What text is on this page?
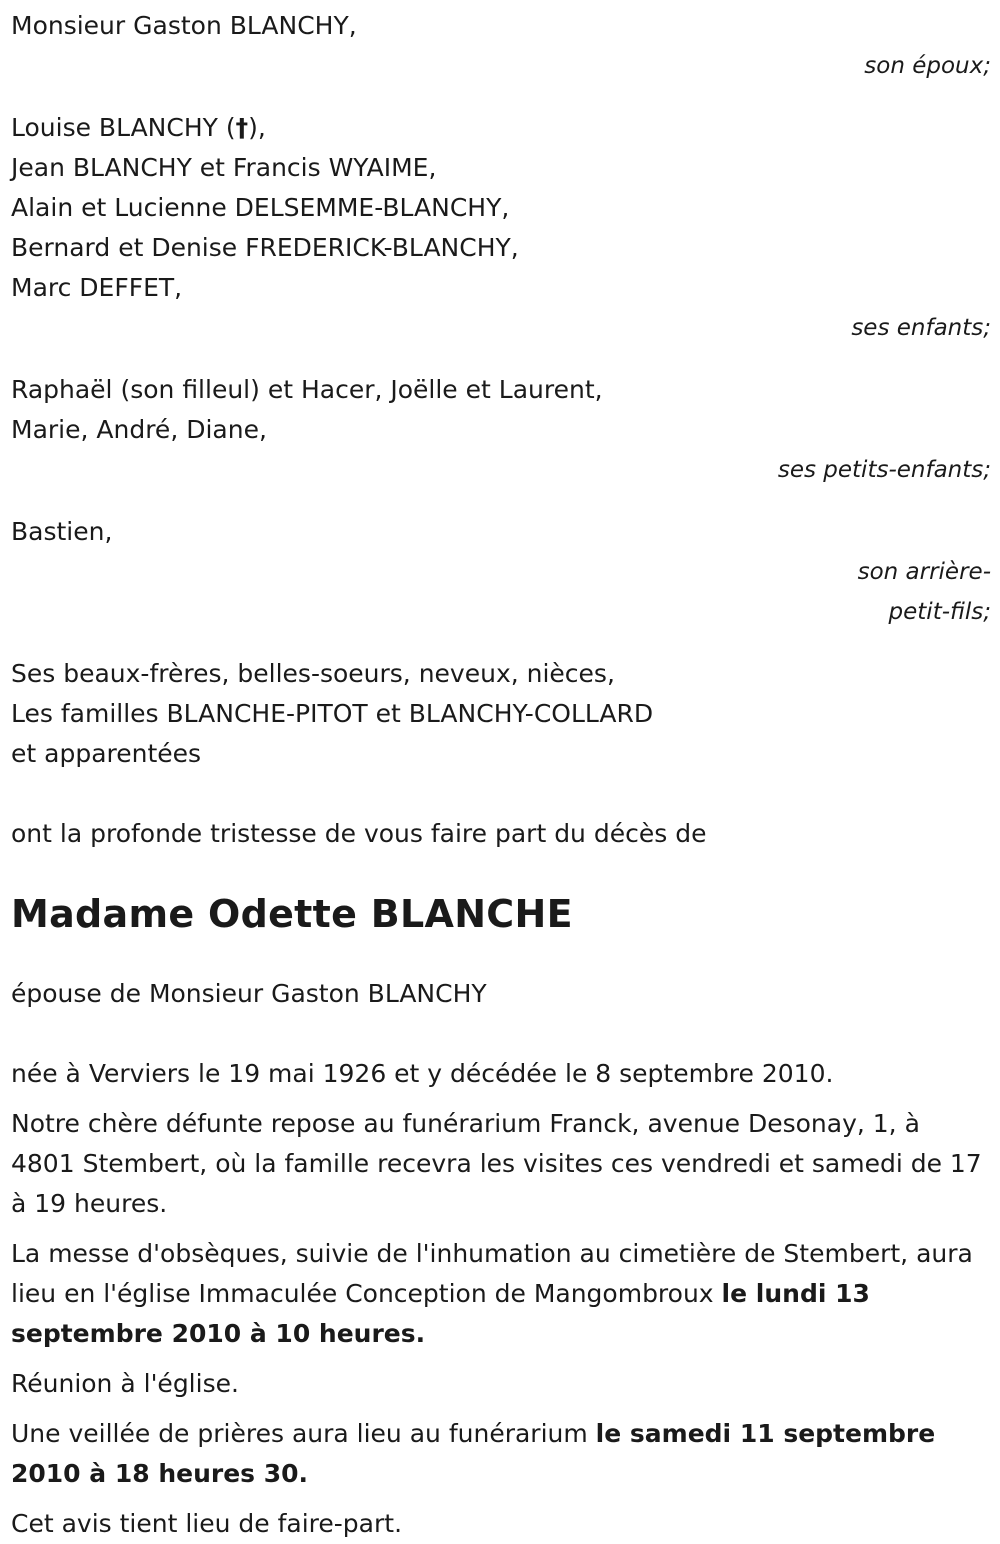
Monsieur Gaston BLANCHY,
son époux;
Louise BLANCHY (†),
Jean BLANCHY et Francis WYAIME,
Alain et Lucienne DELSEMME-BLANCHY,
Bernard et Denise FREDERICK-BLANCHY,
Marc DEFFET,
ses enfants;
Raphaël (son filleul) et Hacer, Joëlle et Laurent,
Marie, André, Diane,
ses petits-enfants;
Bastien,
son arrière-
petit-fils;
Ses beaux-frères, belles-soeurs, neveux, nièces,
Les familles BLANCHE-PITOT et BLANCHY-COLLARD
et apparentées
ont la profonde tristesse de vous faire part du décès de
Madame Odette BLANCHE
épouse de Monsieur Gaston BLANCHY

née à Verviers le 19 mai 1926 et y décédée le 8 septembre 2010.

Notre chère défunte repose au funérarium Franck, avenue Desonay, 1, à 4801 Stembert, où la famille recevra les visites ces vendredi et samedi de 17 à 19 heures.

La messe d'obsèques, suivie de l'inhumation au cimetière de Stembert, aura lieu en l'église Immaculée Conception de Mangombroux le lundi 13 septembre 2010 à 10 heures.

Réunion à l'église.

Une veillée de prières aura lieu au funérarium le samedi 11 septembre 2010 à 18 heures 30.

Cet avis tient lieu de faire-part.
